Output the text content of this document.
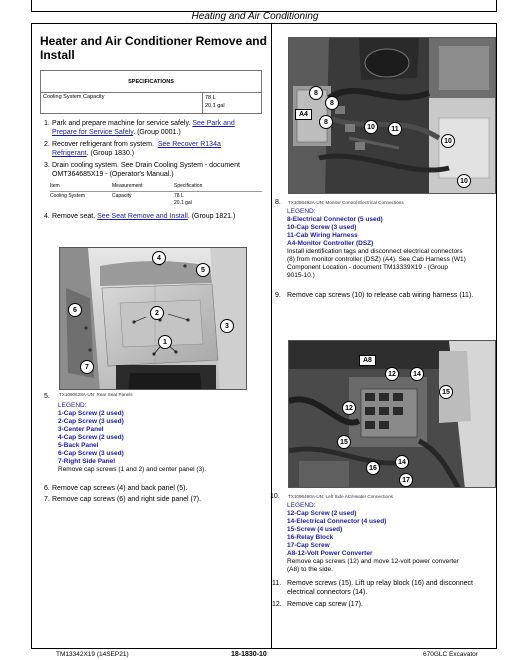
Heating and Air Conditioning
Heater and Air Conditioner Remove and Install
SPECIFICATIONS
Cooling System Capacity	78 L
20.1 gal
1. Park and prepare machine for service safely. See Park and
Prepare for Service Safely. (Group 0001.)
2. Recover refrigerant from system. See Recover R134a
Refrigerant. (Group 1830.)
3. Drain cooling system. See Drain Cooling System - document
OMT364685X19 - (Operator's Manual.)
Item	Measurement	Specification
Cooling System	Capacity	78 L
20.1 gal
4. Remove seat. See Seat Remove and Install. (Group 1821.)
4
5
6	2
3
1
7
TX1090628A-UN: Rear Seat Panels
5.
LEGEND:
1-Cap Screw (2 used)
2-Cap Screw (3 used)
3-Center Panel
4-Cap Screw (2 used)
5-Back Panel
6-Cap Screw (3 used)
7-Right Side Panel
Remove cap screws (1 and 2) and center panel (3).
6. Remove cap screws (4) and back panel (5).
7. Remove cap screws (6) and right side panel (7).
8
8
8
10	11
10
10
A4
8. TX1096492A-UN: Monitor Control Electrical Connections
LEGEND:
8-Electrical Connector (5 used)
10-Cap Screw (3 used)
11-Cab Wiring Harness
A4-Monitor Controller (DSZ)
Install identification tags and disconnect electrical connectors
(8) from monitor controller (DSZ) (A4). See Cab Harness (W1)
Component Location - document TM13339X19 - (Group
9015-10.)
9. Remove cap screws (10) to release cab wiring harness (11).
A8
12	14
12
15
15
16
14
17
10. TX1096490A-UN: Left Side AC/Heater Connections
LEGEND:
12-Cap Screw (2 used)
14-Electrical Connector (4 used)
15-Screw (4 used)
16-Relay Block
17-Cap Screw
A8-12-Volt Power Converter
Remove cap screws (12) and move 12-volt power converter
(A8) to the side.
11. Remove screws (15). Lift up relay block (16) and disconnect
electrical connectors (14).
12. Remove cap screw (17).
TM13342X19 (14SEP21)	18-1830-10	670GLC Excavator
